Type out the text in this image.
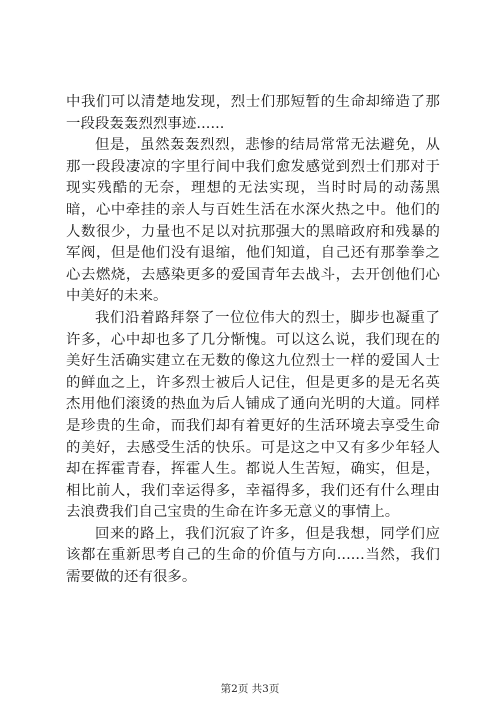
中我们可以清楚地发现，烈士们那短暂的生命却缔造了那一段段轰轰烈烈事迹......

但是，虽然轰轰烈烈，悲惨的结局常常无法避免，从那一段段凄凉的字里行间中我们愈发感觉到烈士们那对于现实残酷的无奈，理想的无法实现，当时时局的动荡黑暗，心中牵挂的亲人与百姓生活在水深火热之中。他们的人数很少，力量也不足以对抗那强大的黑暗政府和残暴的军阀，但是他们没有退缩，他们知道，自己还有那拳拳之心去燃烧，去感染更多的爱国青年去战斗，去开创他们心中美好的未来。

我们沿着路拜祭了一位位伟大的烈士，脚步也凝重了许多，心中却也多了几分惭愧。可以这么说，我们现在的美好生活确实建立在无数的像这九位烈士一样的爱国人士的鲜血之上，许多烈士被后人记住，但是更多的是无名英杰用他们滚烫的热血为后人铺成了通向光明的大道。同样是珍贵的生命，而我们却有着更好的生活环境去享受生命的美好，去感受生活的快乐。可是这之中又有多少年轻人却在挥霍青春，挥霍人生。都说人生苦短，确实，但是，相比前人，我们幸运得多，幸福得多，我们还有什么理由去浪费我们自己宝贵的生命在许多无意义的事情上。

回来的路上，我们沉寂了许多，但是我想，同学们应该都在重新思考自己的生命的价值与方向......当然，我们需要做的还有很多。

第2页 共3页
